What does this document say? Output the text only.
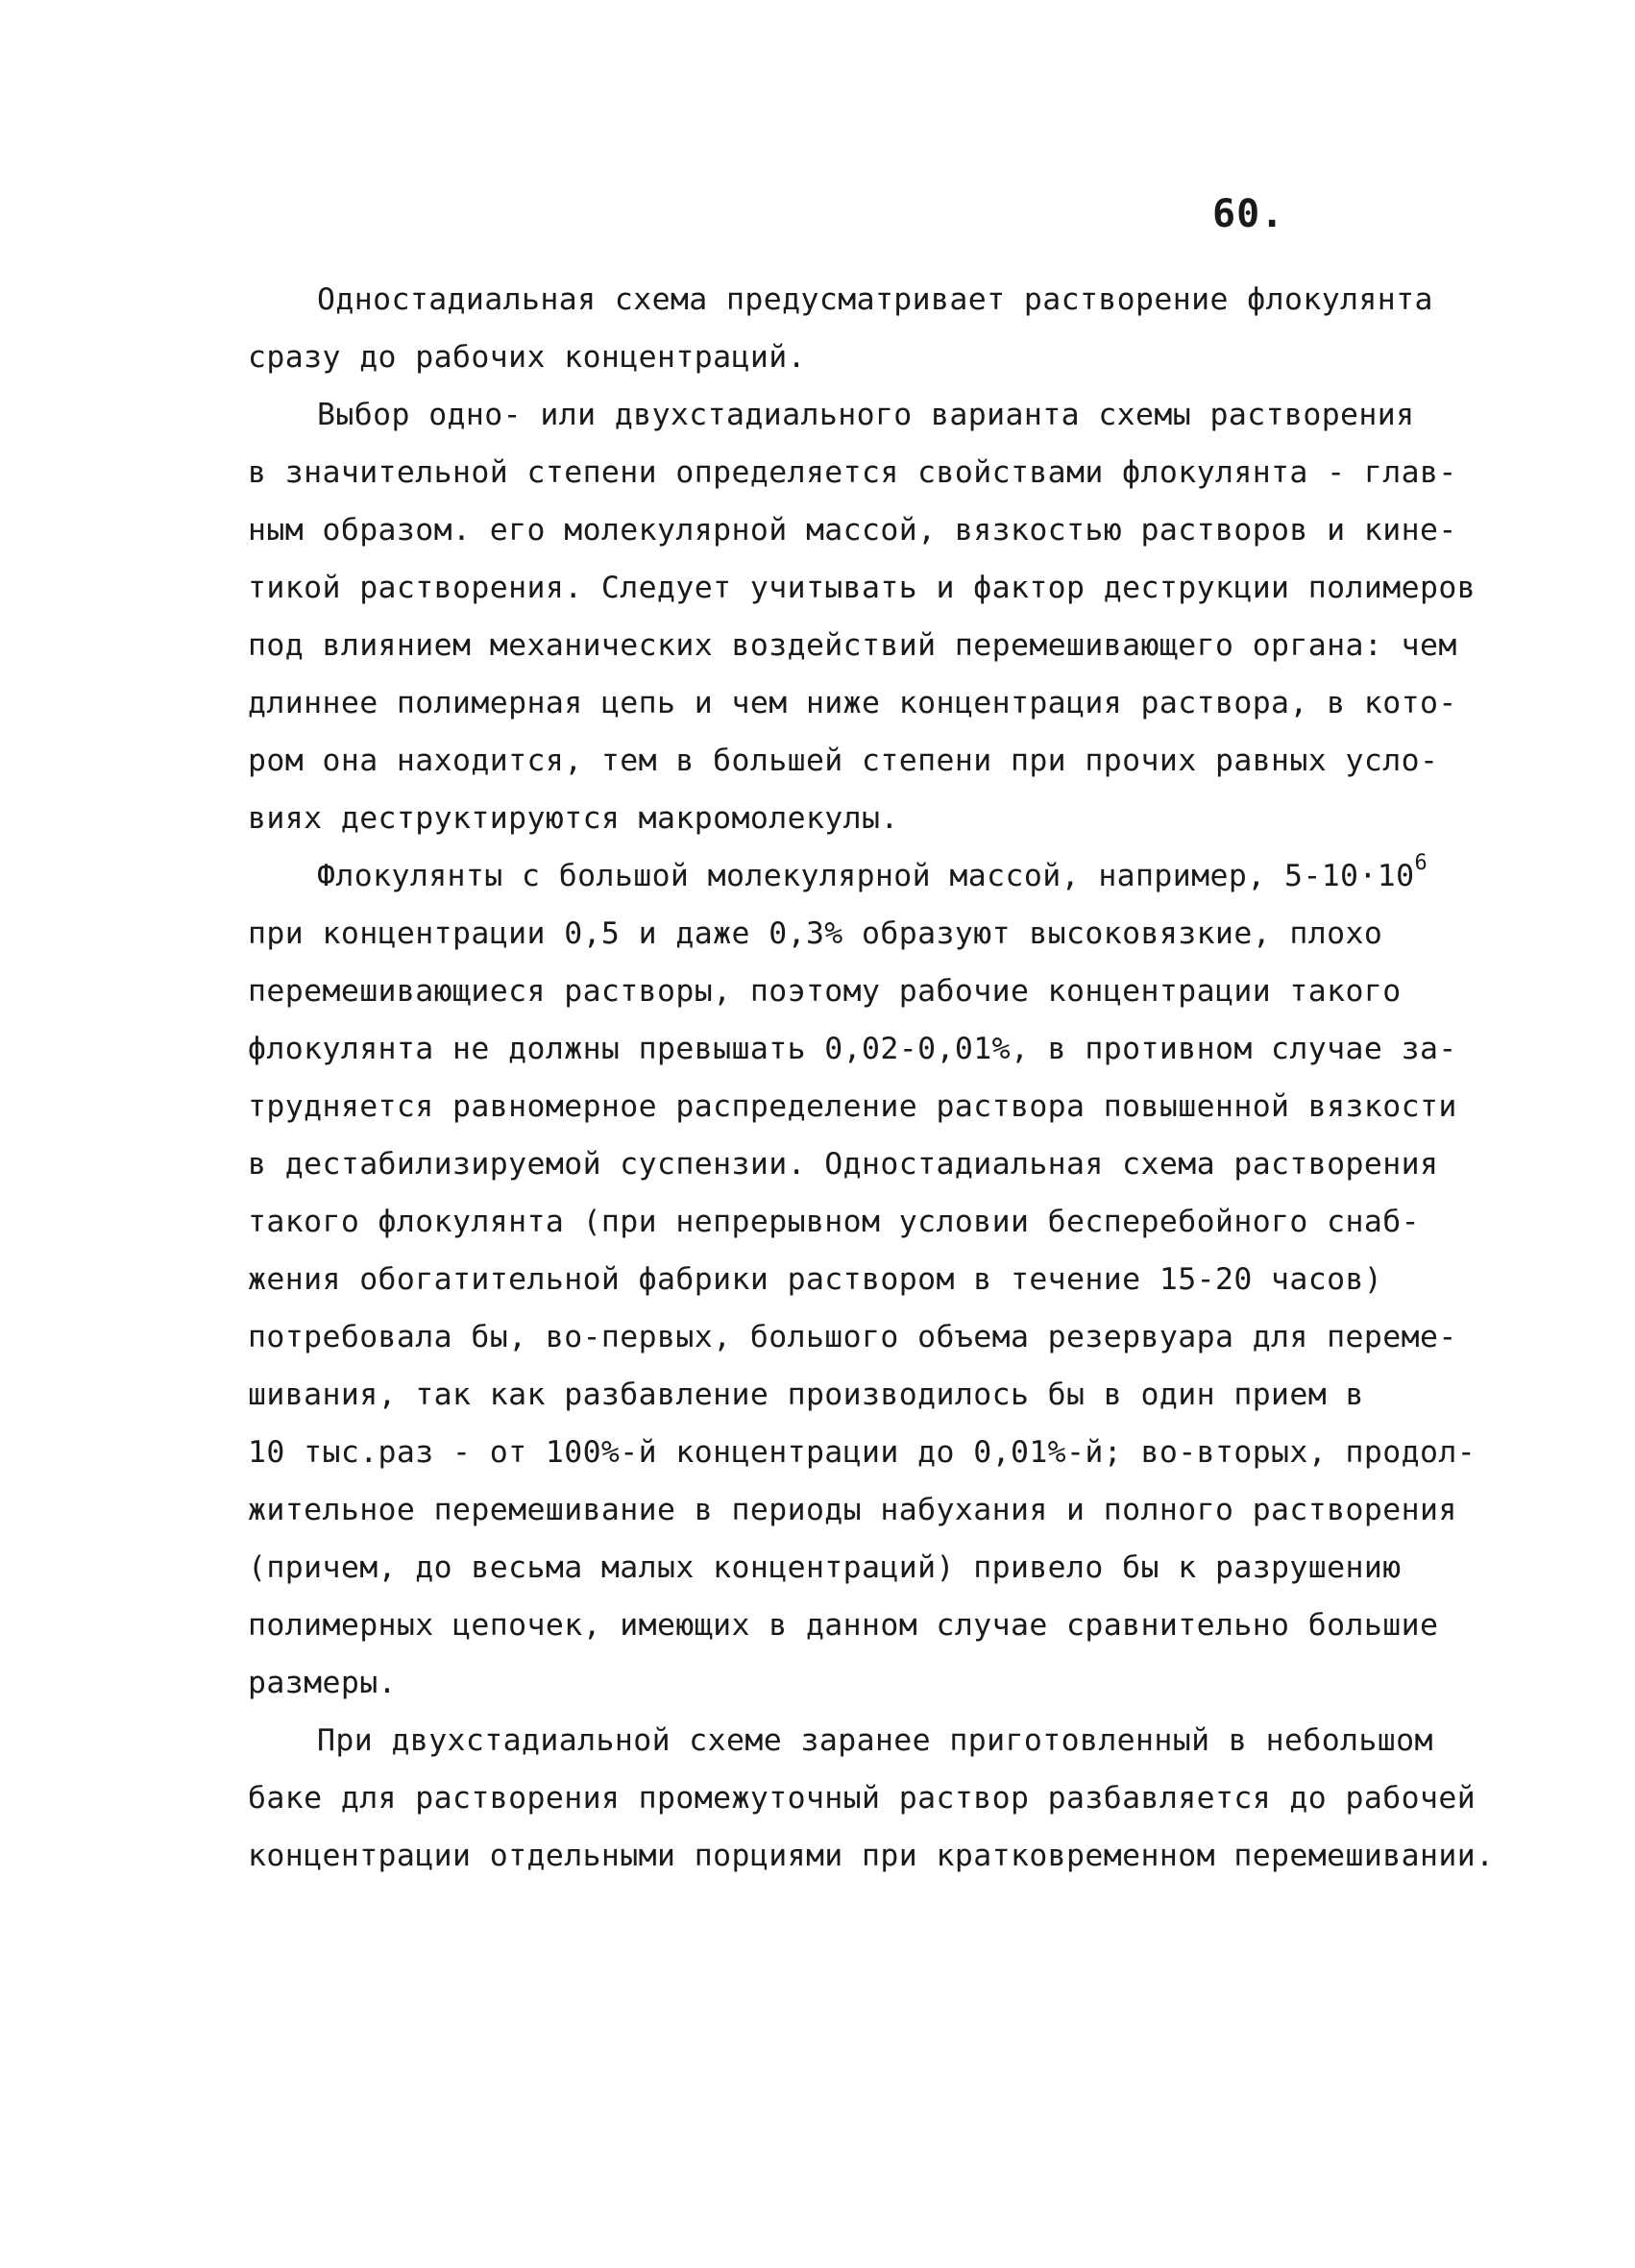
60.
Одностадиальная схема предусматривает растворение флокулянта
сразу до рабочих концентраций.
Выбор одно- или двухстадиального варианта схемы растворения
в значительной степени определяется свойствами флокулянта - глав-
ным образом. его молекулярной массой, вязкостью растворов и кине-
тикой растворения. Следует учитывать и фактор деструкции полимеров
под влиянием механических воздействий перемешивающего органа: чем
длиннее полимерная цепь и чем ниже концентрация раствора, в кото-
ром она находится, тем в большей степени при прочих равных усло-
виях деструктируются макромолекулы.
Флокулянты с большой молекулярной массой, например, $5-10\cdot 10^6$
при концентрации 0,5 и даже 0,3% образуют высоковязкие, плохо
перемешивающиеся растворы, поэтому рабочие концентрации такого
флокулянта не должны превышать 0,02-0,01%, в противном случае за-
трудняется равномерное распределение раствора повышенной вязкости
в дестабилизируемой суспензии. Одностадиальная схема растворения
такого флокулянта (при непрерывном условии бесперебойного снаб-
жения обогатительной фабрики раствором в течение 15-20 часов)
потребовала бы, во-первых, большого объема резервуара для переме-
шивания, так как разбавление производилось бы в один прием в
10 тыс.раз - от 100%-й концентрации до 0,01%-й; во-вторых, продол-
жительное перемешивание в периоды набухания и полного растворения
(причем, до весьма малых концентраций) привело бы к разрушению
полимерных цепочек, имеющих в данном случае сравнительно большие
размеры.
При двухстадиальной схеме заранее приготовленный в небольшом
баке для растворения промежуточный раствор разбавляется до рабочей
концентрации отдельными порциями при кратковременном перемешивании.
